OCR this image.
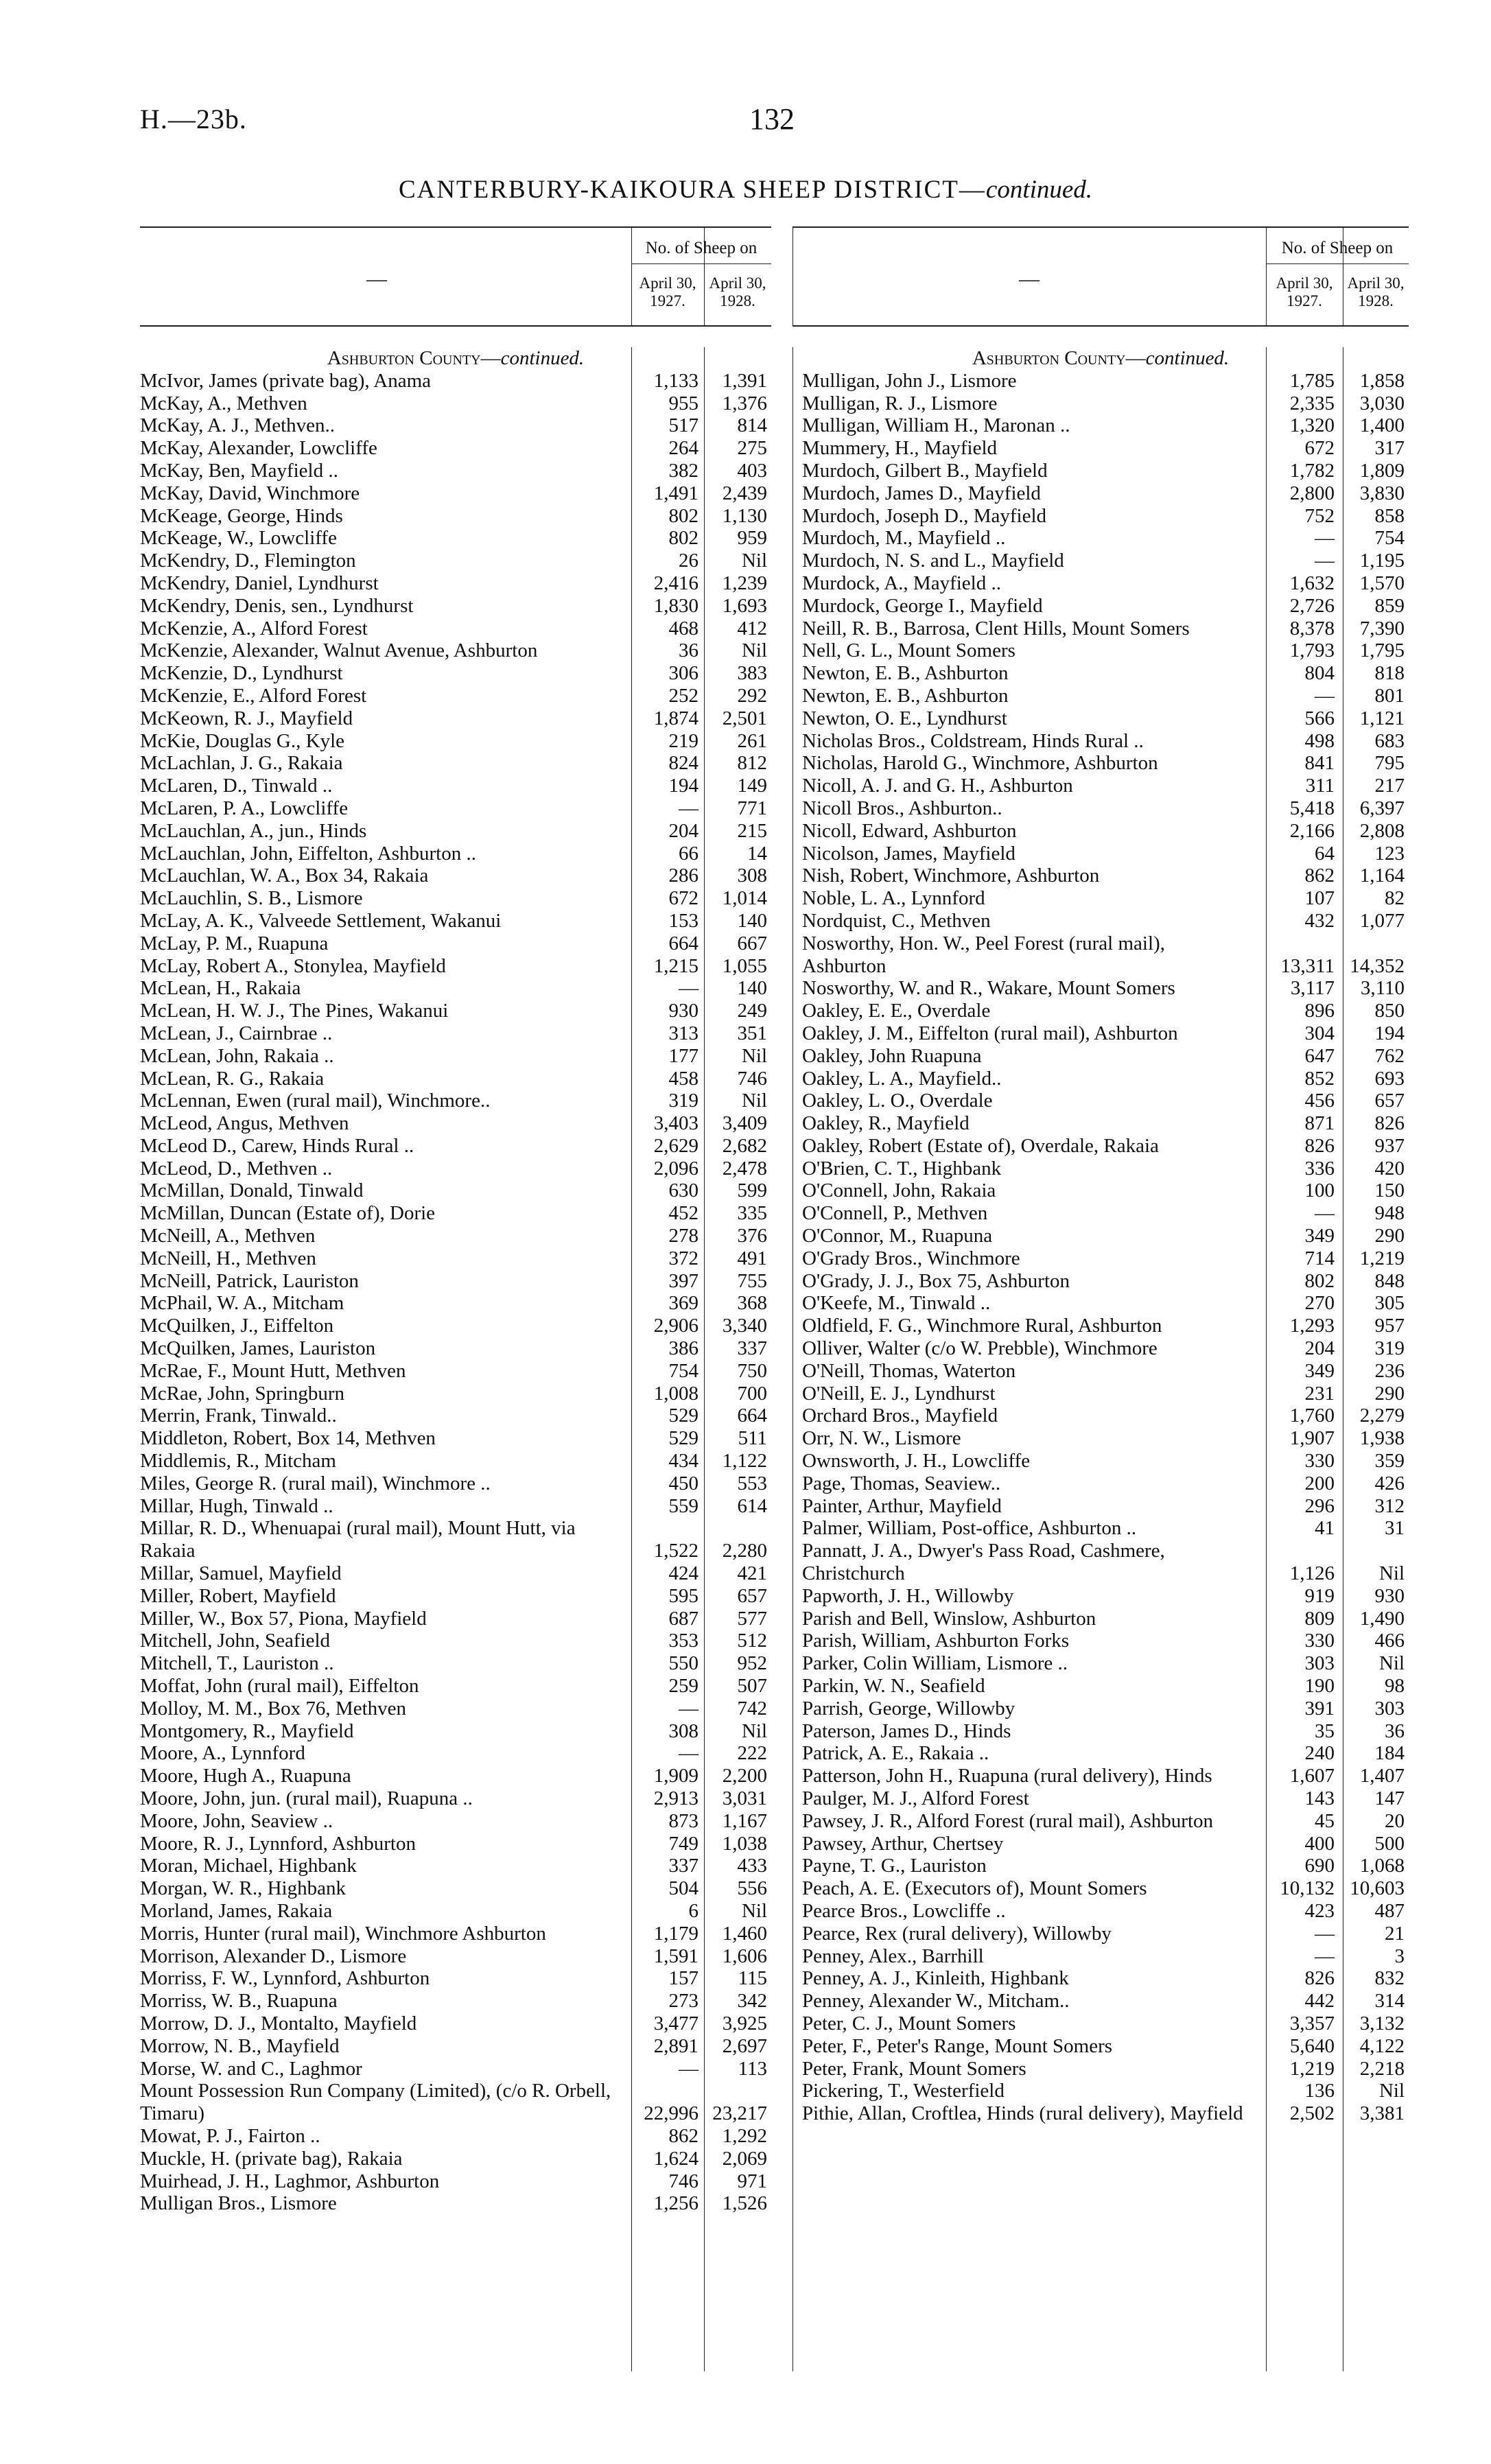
H.—23b.	132
CANTERBURY-KAIKOURA SHEEP DISTRICT—continued.
—
No. of Sheep on
April 30, 1927.
April 30, 1928.
Ashburton County—continued.
McIvor, James (private bag), Anama	1,133	1,391
McKay, A., Methven	955	1,376
McKay, A. J., Methven..	517	814
McKay, Alexander, Lowcliffe	264	275
McKay, Ben, Mayfield ..	382	403
McKay, David, Winchmore	1,491	2,439
McKeage, George, Hinds	802	1,130
McKeage, W., Lowcliffe	802	959
McKendry, D., Flemington	26	Nil
McKendry, Daniel, Lyndhurst	2,416	1,239
McKendry, Denis, sen., Lyndhurst	1,830	1,693
McKenzie, A., Alford Forest	468	412
McKenzie, Alexander, Walnut Avenue, Ashburton	36	Nil
McKenzie, D., Lyndhurst	306	383
McKenzie, E., Alford Forest	252	292
McKeown, R. J., Mayfield	1,874	2,501
McKie, Douglas G., Kyle	219	261
McLachlan, J. G., Rakaia	824	812
McLaren, D., Tinwald ..	194	149
McLaren, P. A., Lowcliffe	—	771
McLauchlan, A., jun., Hinds	204	215
McLauchlan, John, Eiffelton, Ashburton ..	66	14
McLauchlan, W. A., Box 34, Rakaia	286	308
McLauchlin, S. B., Lismore	672	1,014
McLay, A. K., Valveede Settlement, Wakanui	153	140
McLay, P. M., Ruapuna	664	667
McLay, Robert A., Stonylea, Mayfield	1,215	1,055
McLean, H., Rakaia	—	140
McLean, H. W. J., The Pines, Wakanui	930	249
McLean, J., Cairnbrae ..	313	351
McLean, John, Rakaia ..	177	Nil
McLean, R. G., Rakaia	458	746
McLennan, Ewen (rural mail), Winchmore..	319	Nil
McLeod, Angus, Methven	3,403	3,409
McLeod D., Carew, Hinds Rural ..	2,629	2,682
McLeod, D., Methven ..	2,096	2,478
McMillan, Donald, Tinwald	630	599
McMillan, Duncan (Estate of), Dorie	452	335
McNeill, A., Methven	278	376
McNeill, H., Methven	372	491
McNeill, Patrick, Lauriston	397	755
McPhail, W. A., Mitcham	369	368
McQuilken, J., Eiffelton	2,906	3,340
McQuilken, James, Lauriston	386	337
McRae, F., Mount Hutt, Methven	754	750
McRae, John, Springburn	1,008	700
Merrin, Frank, Tinwald..	529	664
Middleton, Robert, Box 14, Methven	529	511
Middlemis, R., Mitcham	434	1,122
Miles, George R. (rural mail), Winchmore ..	450	553
Millar, Hugh, Tinwald ..	559	614
Millar, R. D., Whenuapai (rural mail), Mount Hutt, via Rakaia	1,522	2,280
Millar, Samuel, Mayfield	424	421
Miller, Robert, Mayfield	595	657
Miller, W., Box 57, Piona, Mayfield	687	577
Mitchell, John, Seafield	353	512
Mitchell, T., Lauriston ..	550	952
Moffat, John (rural mail), Eiffelton	259	507
Molloy, M. M., Box 76, Methven	—	742
Montgomery, R., Mayfield	308	Nil
Moore, A., Lynnford	—	222
Moore, Hugh A., Ruapuna	1,909	2,200
Moore, John, jun. (rural mail), Ruapuna ..	2,913	3,031
Moore, John, Seaview ..	873	1,167
Moore, R. J., Lynnford, Ashburton	749	1,038
Moran, Michael, Highbank	337	433
Morgan, W. R., Highbank	504	556
Morland, James, Rakaia	6	Nil
Morris, Hunter (rural mail), Winchmore Ashburton	1,179	1,460
Morrison, Alexander D., Lismore	1,591	1,606
Morriss, F. W., Lynnford, Ashburton	157	115
Morriss, W. B., Ruapuna	273	342
Morrow, D. J., Montalto, Mayfield	3,477	3,925
Morrow, N. B., Mayfield	2,891	2,697
Morse, W. and C., Laghmor	—	113
Mount Possession Run Company (Limited), (c/o R. Orbell, Timaru)	22,996 23,217
Mowat, P. J., Fairton ..	862	1,292
Muckle, H. (private bag), Rakaia	1,624	2,069
Muirhead, J. H., Laghmor, Ashburton	746	971
Mulligan Bros., Lismore	1,256	1,526
—
No. of Sheep on
April 30, 1927.
April 30, 1928.
Ashburton County—continued.
Mulligan, John J., Lismore	1,785	1,858
Mulligan, R. J., Lismore	2,335	3,030
Mulligan, William H., Maronan ..	1,320	1,400
Mummery, H., Mayfield	672	317
Murdoch, Gilbert B., Mayfield	1,782	1,809
Murdoch, James D., Mayfield	2,800	3,830
Murdoch, Joseph D., Mayfield	752	858
Murdoch, M., Mayfield ..	—	754
Murdoch, N. S. and L., Mayfield	—	1,195
Murdock, A., Mayfield ..	1,632	1,570
Murdock, George I., Mayfield	2,726	859
Neill, R. B., Barrosa, Clent Hills, Mount Somers	8,378	7,390
Nell, G. L., Mount Somers	1,793	1,795
Newton, E. B., Ashburton	804	818
Newton, E. B., Ashburton	—	801
Newton, O. E., Lyndhurst	566	1,121
Nicholas Bros., Coldstream, Hinds Rural ..	498	683
Nicholas, Harold G., Winchmore, Ashburton	841	795
Nicoll, A. J. and G. H., Ashburton	311	217
Nicoll Bros., Ashburton..	5,418	6,397
Nicoll, Edward, Ashburton	2,166	2,808
Nicolson, James, Mayfield	64	123
Nish, Robert, Winchmore, Ashburton	862	1,164
Noble, L. A., Lynnford	107	82
Nordquist, C., Methven	432	1,077
Nosworthy, Hon. W., Peel Forest (rural mail), Ashburton	13,311 14,352
Nosworthy, W. and R., Wakare, Mount Somers	3,117	3,110
Oakley, E. E., Overdale	896	850
Oakley, J. M., Eiffelton (rural mail), Ashburton	304	194
Oakley, John Ruapuna	647	762
Oakley, L. A., Mayfield..	852	693
Oakley, L. O., Overdale	456	657
Oakley, R., Mayfield	871	826
Oakley, Robert (Estate of), Overdale, Rakaia	826	937
O'Brien, C. T., Highbank	336	420
O'Connell, John, Rakaia	100	150
O'Connell, P., Methven	—	948
O'Connor, M., Ruapuna	349	290
O'Grady Bros., Winchmore	714	1,219
O'Grady, J. J., Box 75, Ashburton	802	848
O'Keefe, M., Tinwald ..	270	305
Oldfield, F. G., Winchmore Rural, Ashburton	1,293	957
Olliver, Walter (c/o W. Prebble), Winchmore	204	319
O'Neill, Thomas, Waterton	349	236
O'Neill, E. J., Lyndhurst	231	290
Orchard Bros., Mayfield	1,760	2,279
Orr, N. W., Lismore	1,907	1,938
Ownsworth, J. H., Lowcliffe	330	359
Page, Thomas, Seaview..	200	426
Painter, Arthur, Mayfield	296	312
Palmer, William, Post-office, Ashburton ..	41	31
Pannatt, J. A., Dwyer's Pass Road, Cashmere, Christchurch	1,126	Nil
Papworth, J. H., Willowby	919	930
Parish and Bell, Winslow, Ashburton	809	1,490
Parish, William, Ashburton Forks	330	466
Parker, Colin William, Lismore ..	303	Nil
Parkin, W. N., Seafield	190	98
Parrish, George, Willowby	391	303
Paterson, James D., Hinds	35	36
Patrick, A. E., Rakaia ..	240	184
Patterson, John H., Ruapuna (rural delivery), Hinds	1,607	1,407
Paulger, M. J., Alford Forest	143	147
Pawsey, J. R., Alford Forest (rural mail), Ashburton	45	20
Pawsey, Arthur, Chertsey	400	500
Payne, T. G., Lauriston	690	1,068
Peach, A. E. (Executors of), Mount Somers	10,132 10,603
Pearce Bros., Lowcliffe ..	423	487
Pearce, Rex (rural delivery), Willowby	—	21
Penney, Alex., Barrhill	—	3
Penney, A. J., Kinleith, Highbank	826	832
Penney, Alexander W., Mitcham..	442	314
Peter, C. J., Mount Somers	3,357	3,132
Peter, F., Peter's Range, Mount Somers	5,640	4,122
Peter, Frank, Mount Somers	1,219	2,218
Pickering, T., Westerfield	136	Nil
Pithie, Allan, Croftlea, Hinds (rural delivery), Mayfield	2,502	3,381
